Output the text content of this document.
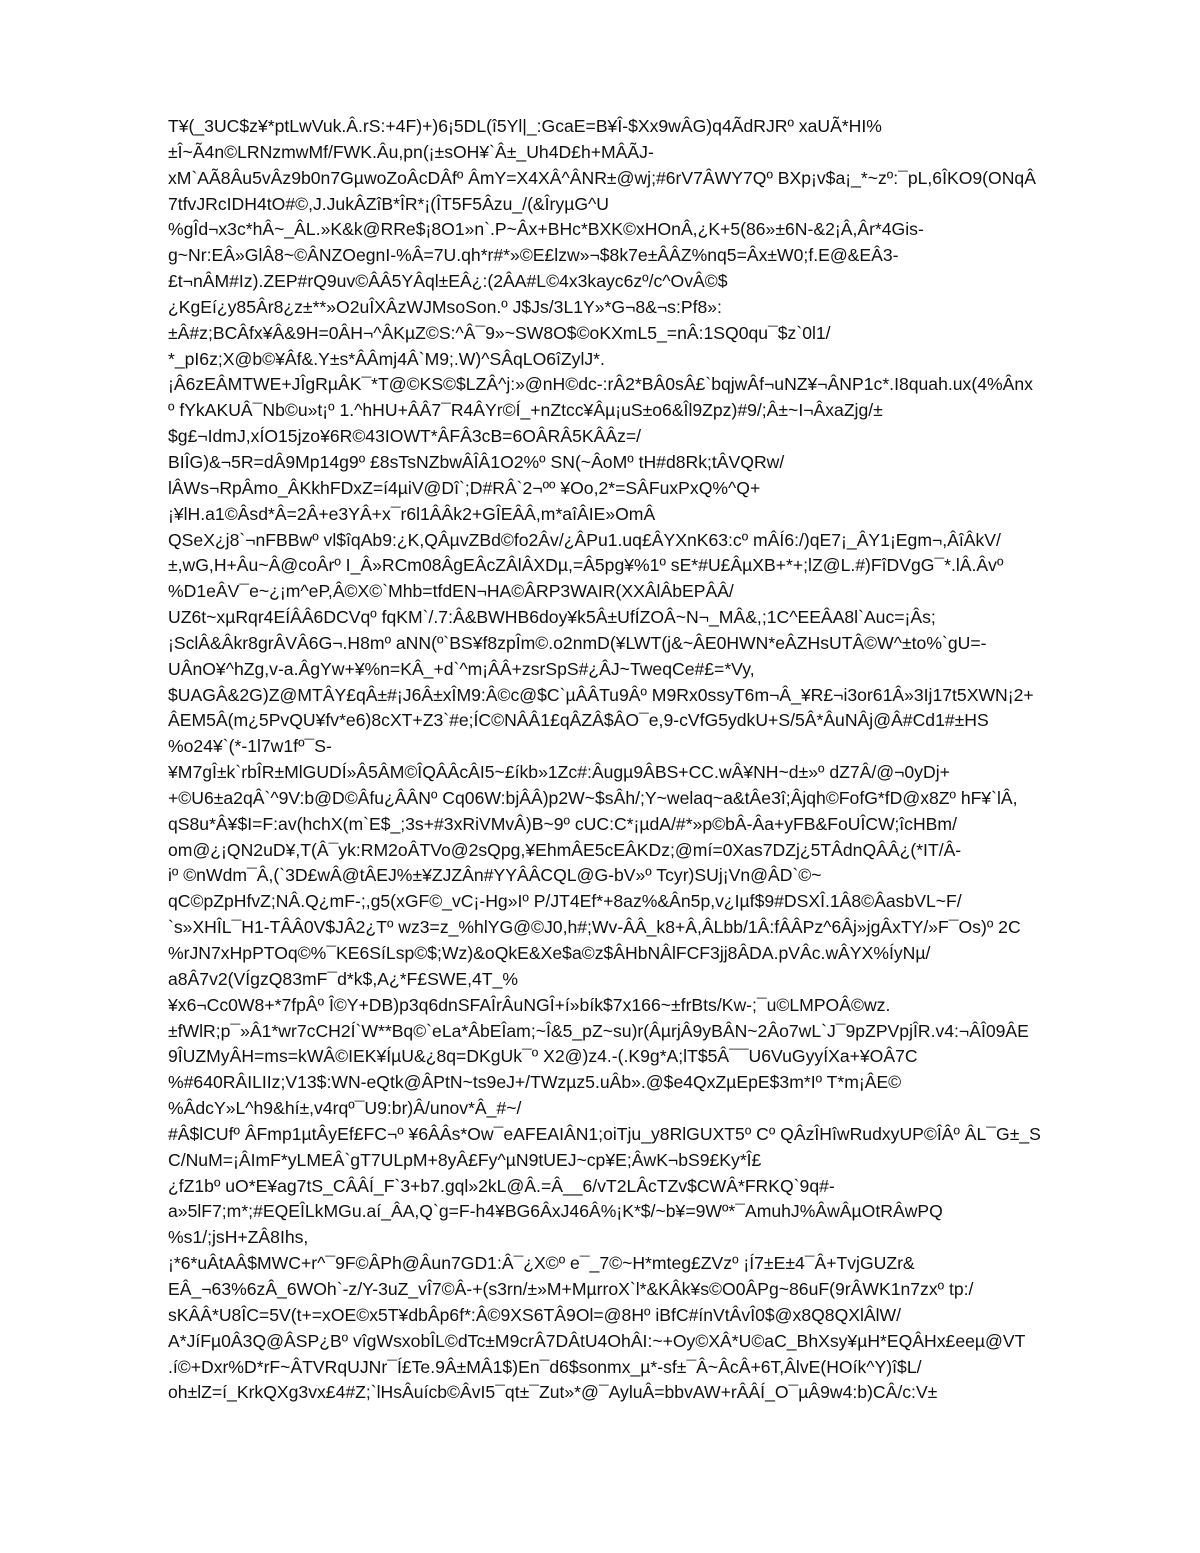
T¥(_3UC$z¥*ptLwVuk.Â.rS:+4F)+)6¡5DL(î5Yl|_:GcaE=B¥Î-$Xx9wÂG)q4ÃdRJRº xaUÃ*HI%
±Î~Ã4n©LRNzmwMf/FWK.Âu,pn(¡±sOH¥`Â±_Uh4D£h+MÂÃJ-
xM`AÃ8Âu5vÂz9b0n7GµwoZoÂcDÂfº ÂmY=X4XÂ^ÂNR±@wj;#6rV7ÂWY7Qº BXp¡v$a¡_*~zº:¯pL,6ÎKO9(ONqÂ
7tfvJRcIDH4tO#©,J.JukÂZîB*ÎR*¡(ÎT5F5Âzu_/(&ÎryµG^U
%gÎd¬x3c*hÂ~_ÂL.»K&k@RRe$¡8O1»n`.P~Âx+BHc*BXK©xHOnÂ,¿K+5(86»±6N-&2¡Â,Âr*4Gis-
g~Nr:EÂ»GlÂ8~©ÂNZOegnI-%Â=7U.qh*r#*»©E£lzw»¬$8k7e±ÂÂZ%nq5=Âx±W0;f.E@&EÂ3-
£t¬nÂM#Iz).ZEP#rQ9uv©ÂÂ5YÂql±EÂ¿:(2ÂA#L©4x3kayc6zº/c^OvÂ©$
¿KgEí¿y85Âr8¿z±**»O2uÎXÂzWJMsoSon.º J$Js/3L1Y»*G¬8&¬s:Pf8»:
±Â#z;BCÂfx¥Â&9H=0ÂH¬^ÂKµZ©S:^Â¯9»~SW8O$©oKXmL5_=nÂ:1SQ0qu¯$z`0l1/
*_pI6z;X@b©¥Âf&.Y±s*ÂÂmj4Â`M9;.W)^SÂqLO6îZylJ*.
¡Â6zEÂMTWE+JÎgRµÂK¯*T@©KS©$LZÂ^j:»@nH©dc-:rÂ2*BÂ0sÂ£`bqjwÂf¬uNZ¥¬ÂNP1c*.I8quah.ux(4%Ânx
º fYkAKUÂ¯Nb©u»t¡º 1.^hHU+ÂÂ7¯R4ÂYr©Í_+nZtcc¥Âµ¡uS±o6&Îl9Zpz)#9/;Â±~I¬ÂxaZjg/±
$g£¬IdmJ,xÍO15jzo¥6R©43IOWT*ÂFÂ3cB=6OÂRÂ5KÂÂz=/
BIÎG)&¬5R=dÂ9Mp14g9º £8sTsNZbwÂÎÂ1O2%º SN(~ÂoMº tH#d8Rk;tÂVQRw/
lÂWs¬RpÂmo_ÂKkhFDxZ=í4µiV@Dî`;D#RÂ`2¬ºº ¥Oo,2*=SÂFuxPxQ%^Q+
¡¥lH.a1©Âsd*Â=2Â+e3YÂ+x¯r6l1ÂÂk2+GÎEÂÂ,m*aîÂIE»OmÂ
QSeX¿j8`¬nFBBwº vl$îqAb9:¿K,QÂµvZBd©fo2Âv/¿ÂPu1.uq£ÂYXnK63:cº mÂÍ6:/)qE7¡_ÂY1¡Egm¬,ÂîÂkV/
±,wG,H+Âu~Â@coÂrº I_Â»RCm08ÂgEÂcZÂlÂXDµ,=Â5pg¥%1º sE*#U£ÂµXB+*+;lZ@L.#)FîDVgG¯*.lÂ.Âvº
%D1eÂV¯e~¿¡m^eP,Â©X©`Mhb=tfdEN¬HA©ÂRP3WAIR(XXÂlÂbEPÂÂ/
UZ6t~xµRqr4EÍÂÂ6DCVqº fqKM`/.7:Â&BWHB6doy¥k5Â±UfÍZOÂ~N¬_MÂ&,;1C^EEÂA8l`Auc=¡Âs;
¡SclÂ&Âkr8grÂVÂ6G¬.H8mº aNN(º`BS¥f8zpÎm©.o2nmD(¥LWT(j&~ÂE0HWN*eÂZHsUTÂ©W^±to%`gU=-
UÂnO¥^hZg,v-a.ÂgYw+¥%n=KÂ_+d`^m¡ÂÂ+zsrSpS#¿ÂJ~TweqCe#£=*Vy,
$UAGÂ&2G)Z@MTÂY£qÂ±#¡J6Â±xÎM9:Â©c@$C`µÂÂTu9Âº M9Rx0ssyT6m¬Â_¥R£¬i3or61Â»3Ij17t5XWN¡2+
ÂEM5Â(m¿5PvQU¥fv*e6)8cXT+Z3`#e;ÍC©NÂÂ1£qÂZÂ$ÂO¯e,9-cVfG5ydkU+S/5Â*ÂuNÂj@Â#Cd1#±HS
%o24¥`(*-1l7w1fº¯S-
¥M7gÎ±k`rbÎR±MlGUDÍ»Â5ÂM©ÎQÂÂcÂI5~£íkb»1Zc#:Âugµ9ÂBS+CC.wÂ¥NH~d±»º dZ7Â/@¬0yDj+
+©U6±a2qÂ`^9V:b@D©Âfu¿ÂÂNº Cq06W:bjÂÂ)p2W~$sÂh/;Y~welaq~a&tÂe3î;Âjqh©FofG*fD@x8Zº hF¥`lÂ,
qS8u*Â¥$I=F:av(hchX(m`E$_;3s+#3xRiVMvÂ)B~9º cUC:C*¡µdA/#*»p©bÂ-Âa+yFB&FoUÎCW;îcHBm/
om@¿¡QN2uD¥,T(Â¯yk:RM2oÂTVo@2sQpg,¥EhmÂE5cEÂKDz;@mí=0Xas7DZj¿5TÂdnQÂÂ¿(*IT/Â-
iº ©nWdm¯Â,(`3D£wÂ@tÂEJ%±¥ZJZÂn#YYÂÂCQL@G-bV»º Tcyr)SUj¡Vn@ÂD`©~
qC©pZpHfvZ;NÂ.Q¿mF-;,g5(xGF©_vC¡-Hg»Iº P/JT4Ef*+8az%&Ân5p,v¿Iµf$9#DSXÎ.1Â8©ÂasbVL~F/
`s»XHÎL¯H1-TÂÂ0V$JÂ2¿Tº wz3=z_%hlYG@©J0,h#;Wv-ÂÂ_k8+Â,ÂLbb/1Â:fÂÂPz^6Âj»jgÂxTY/»F¯Os)º 2C
%rJN7xHpPTOq©%¯KE6SíLsp©$;Wz)&oQkE&Xe$a©z$ÂHbNÂlFCF3jj8ÂDA.pVÂc.wÂYX%ÍyNµ/
a8Â7v2(VÍgzQ83mF¯d*k$,A¿*F£SWE,4T_%
¥x6¬Cc0W8+*7fpÂº Î©Y+DB)p3q6dnSFAÎrÂuNGÎ+í»bík$7x166~±frBts/Kw-;¯u©LMPOÂ©wz.
±fWlR;p¯»Â1*wr7cCH2Í`W**Bq©`eLa*ÂbEÎam;~Î&5_pZ~su)r(ÂµrjÂ9yBÂN~2Âo7wL`J¯9pZPVpjÎR.v4:¬ÂÎ09ÂE
9ÎUZMyÂH=ms=kWÂ©IEK¥ÍµU&¿8q=DKgUk¯º X2@)z4.-(.K9g*A;lT$5Â¯¯U6VuGyyÍXa+¥OÂ7C
%#640RÂILIIz;V13$:WN-eQtk@ÂPtN~ts9eJ+/TWzµz5.uÂb».@$e4QxZµEpE$3m*Iº T*m¡ÂE©
%ÂdcY»L^h9&hí±,v4rqº¯U9:br)Â/unov*Â_#~/
#Â$lCUfº ÂFmp1µtÂyEf£FC¬º ¥6ÂÂs*Ow¯eAFEAIÂN1;oiTju_y8RlGUXT5º Cº QÂzÎHîwRudxyUP©ÎÂº ÂL¯G±_S
C/NuM=¡ÂImF*yLMEÂ`gT7ULpM+8yÂ£Fy^µN9tUEJ~cp¥E;ÂwK¬bS9£Ky*Î£
¿fZ1bº uO*E¥ag7tS_CÂÂÍ_F`3+b7.gql»2kL@Â.=Â__6/vT2LÂcTZv$CWÂ*FRKQ`9q#-
a»5lF7;m*;#EQEÎLkMGu.aí_ÂA,Q`g=F-h4¥BG6ÂxJ46Â%¡K*$/~b¥=9Wº*¯AmuhJ%ÂwÂµOtRÂwPQ
%s1/;jsH+ZÂ8Ihs,
¡*6*uÂtAÂ$MWC+r^¯9F©ÂPh@Âun7GD1:Â¯¿X©º e¯_7©~H*mteg£ZVzº ¡Í7±E±4¯Â+TvjGUZr&
EÂ_¬63%6zÂ_6WOh`-z/Y-3uZ_vÎ7©Â-+(s3rn/±»M+MµrroX`l*&KÂk¥s©O0ÂPg~86uF(9rÂWK1n7zxº tp:/
sKÂÂ*U8ÎC=5V(t+=xOE©x5T¥dbÂp6f*:Â©9XS6TÂ9Ol=@8Hº iBfC#ínVtÂvÎ0$@x8Q8QXlÂlW/
A*JíFµ0Â3Q@ÂSP¿Bº vîgWsxobÎL©dTc±M9crÂ7DÂtU4OhÂI:~+Oy©XÂ*U©aC_BhXsy¥µH*EQÂHx£eeµ@VT
.í©+Dxr%D*rF~ÂTVRqUJNr¯Í£Te.9Â±MÂ1$)En¯d6$sonmx_µ*-sf±¯Â~ÂcÂ+6T,ÂlvE(HOík^Y)î$L/
oh±lZ=í_KrkQXg3vx£4#Z;`lHsÂuícb©ÂvI5¯qt±¯Zut»*@¯AyluÂ=bbvAW+rÂÂÍ_O¯µÂ9w4:b)CÂ/c:V±
